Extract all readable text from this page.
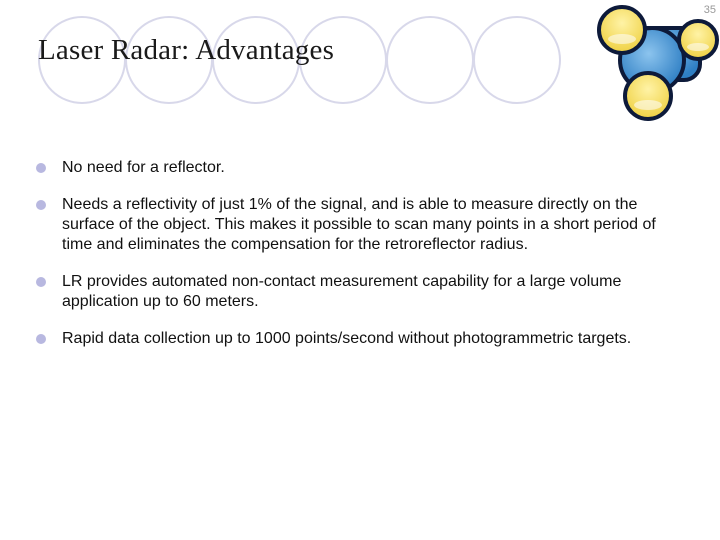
35
Laser Radar: Advantages
No need for a reflector.
Needs a reflectivity of just 1% of the signal, and is able to measure directly on the surface of the object. This makes it possible to scan many points in a short period of time and eliminates the compensation for the retroreflector radius.
LR provides automated non-contact measurement capability for a large volume application up to 60 meters.
Rapid data collection up to 1000 points/second without photogrammetric targets.
